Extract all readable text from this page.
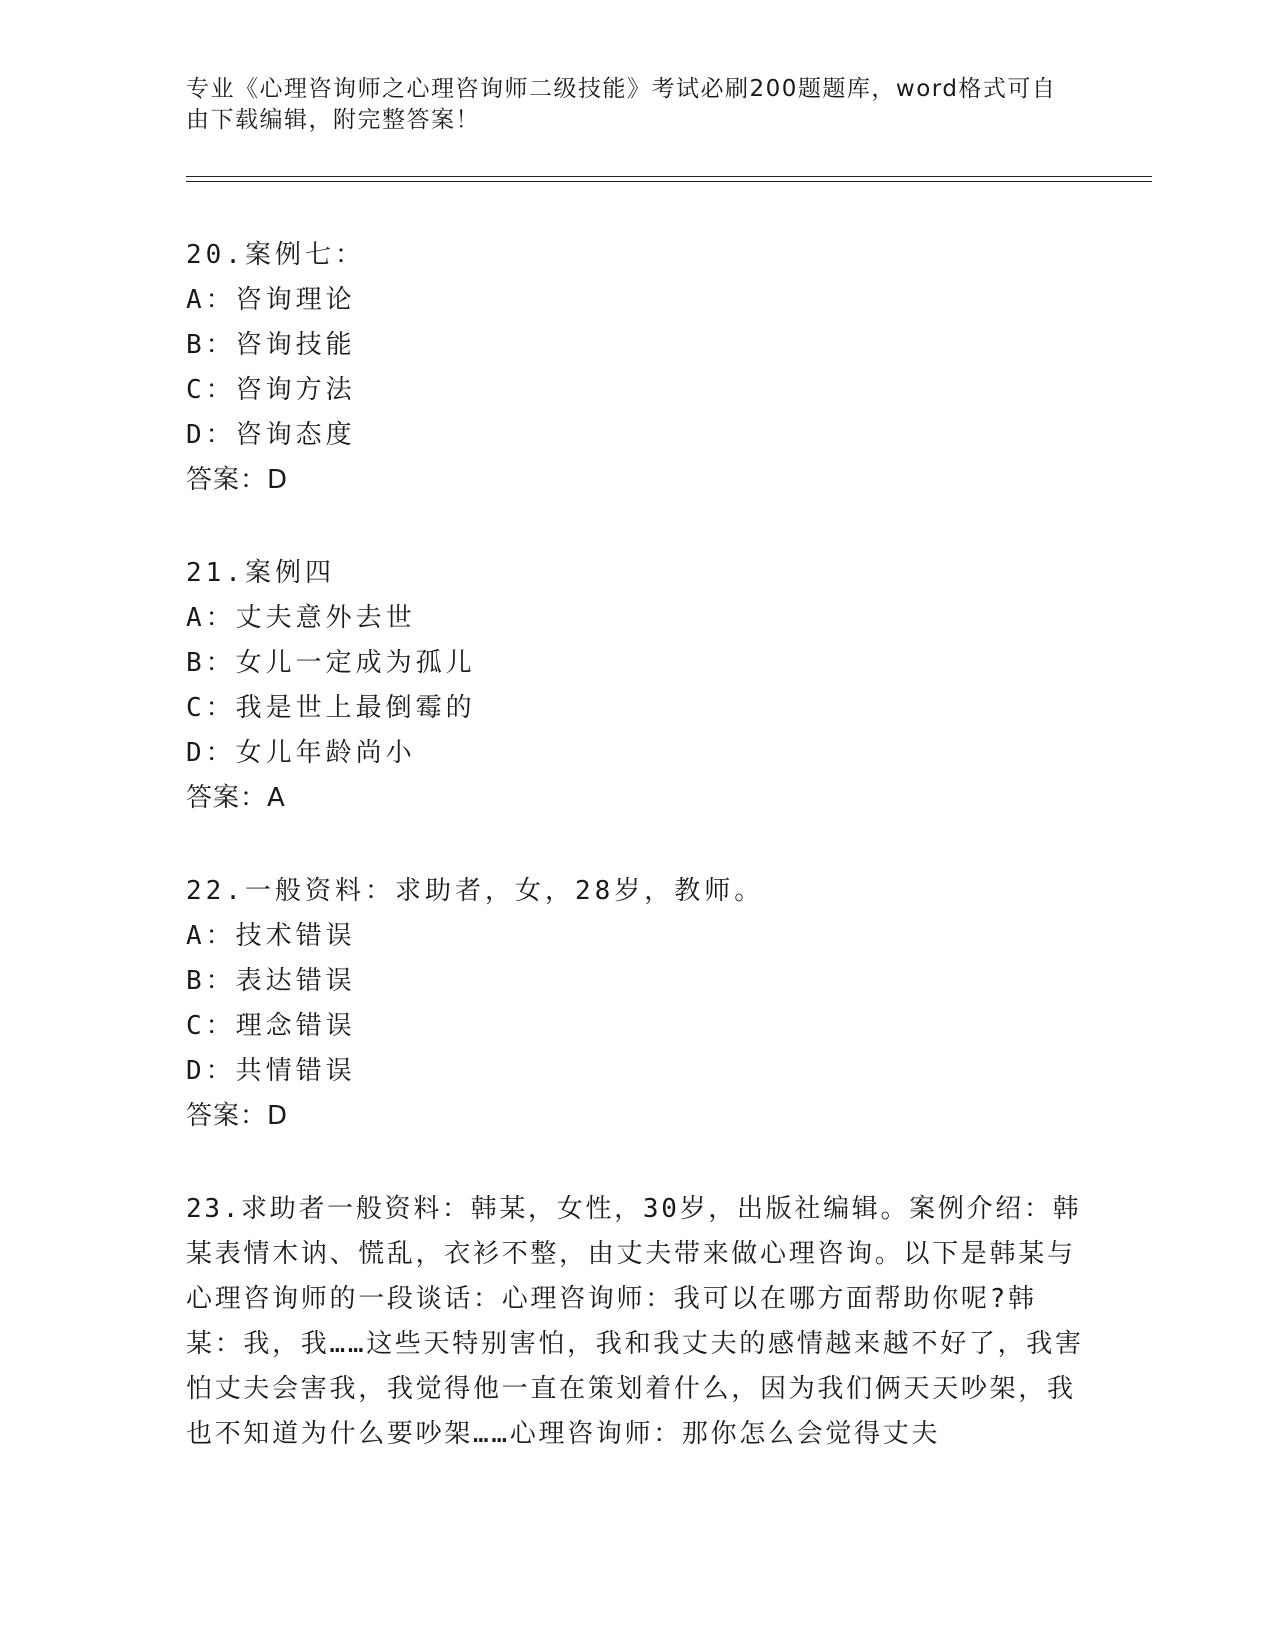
专业《心理咨询师之心理咨询师二级技能》考试必刷200题题库，word格式可自由下载编辑，附完整答案！
20.案例七：
A：咨询理论
B：咨询技能
C：咨询方法
D：咨询态度
答案：D
21.案例四
A：丈夫意外去世
B：女儿一定成为孤儿
C：我是世上最倒霉的
D：女儿年龄尚小
答案：A
22.一般资料：求助者，女，28岁，教师。
A：技术错误
B：表达错误
C：理念错误
D：共情错误
答案：D
23.求助者一般资料：韩某，女性，30岁，出版社编辑。案例介绍：韩某表情木讷、慌乱，衣衫不整，由丈夫带来做心理咨询。以下是韩某与心理咨询师的一段谈话：心理咨询师：我可以在哪方面帮助你呢?韩某：我，我……这些天特别害怕，我和我丈夫的感情越来越不好了，我害怕丈夫会害我，我觉得他一直在策划着什么，因为我们俩天天吵架，我也不知道为什么要吵架……心理咨询师：那你怎么会觉得丈夫
